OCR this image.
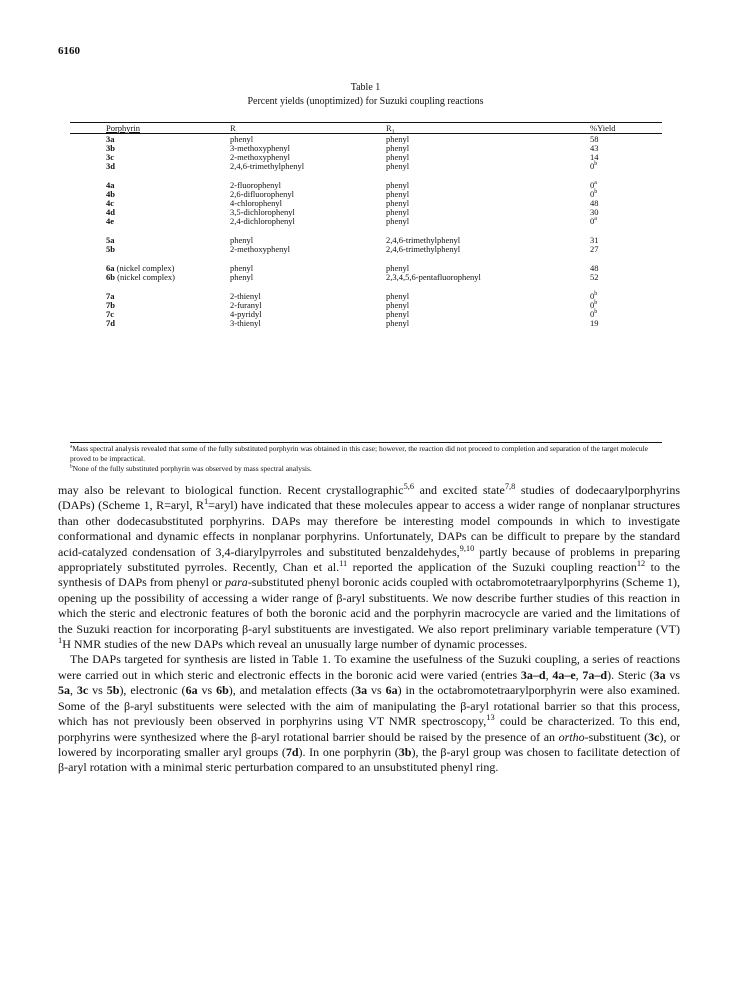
6160
Table 1
Percent yields (unoptimized) for Suzuki coupling reactions
Porphyrin	R	$R_1$	%Yield
3a	phenyl	phenyl	58
3b	3-methoxyphenyl	phenyl	43
3c	2-methoxyphenyl	phenyl	14
3d	2,4,6-trimethylphenyl	phenyl	0$^b$
4a	2-fluorophenyl	phenyl	0$^a$
4b	2,6-difluorophenyl	phenyl	0$^b$
4c	4-chlorophenyl	phenyl	48
4d	3,5-dichlorophenyl	phenyl	30
4e	2,4-dichlorophenyl	phenyl	0$^a$
5a	phenyl	2,4,6-trimethylphenyl	31
5b	2-methoxyphenyl	2,4,6-trimethylphenyl	27
6a (nickel complex)	phenyl	phenyl	48
6b (nickel complex)	phenyl	2,3,4,5,6-pentafluorophenyl	52
7a	2-thienyl	phenyl	0$^b$
7b	2-furanyl	phenyl	0$^b$
7c	4-pyridyl	phenyl	0$^b$
7d	3-thienyl	phenyl	19

$^a$Mass spectral analysis revealed that some of the fully substituted porphyrin was obtained in this case; however, the reaction did not proceed to completion and separation of the target molecule proved to be impractical.

$^b$None of the fully substituted porphyrin was observed by mass spectral analysis.

may also be relevant to biological function. Recent crystallographic$^{5,6}$ and excited state$^{7,8}$ studies of dodecaarylporphyrins (DAPs) (Scheme 1, R=aryl, $R^1=aryl$) have indicated that these molecules appear to access a wider range of nonplanar structures than other dodecasubstituted porphyrins. DAPs may therefore be interesting model compounds in which to investigate conformational and dynamic effects in nonplanar porphyrins. Unfortunately, DAPs can be difficult to prepare by the standard acid-catalyzed condensation of 3,4-diarylpyrroles and substituted benzaldehydes,$^{9,10}$ partly because of problems in preparing appropriately substituted pyrroles. Recently, Chan et al.$^{11}$ reported the application of the Suzuki coupling reaction$^{12}$ to the synthesis of DAPs from phenyl or para-substituted phenyl boronic acids coupled with octabromotetraarylporphyrins (Scheme 1), opening up the possibility of accessing a wider range of β-aryl substituents. We now describe further studies of this reaction in which the steric and electronic features of both the boronic acid and the porphyrin macrocycle are varied and the limitations of the Suzuki reaction for incorporating β-aryl substituents are investigated. We also report preliminary variable temperature (VT) $^1$H NMR studies of the new DAPs which reveal an unusually large number of dynamic processes.

The DAPs targeted for synthesis are listed in Table 1. To examine the usefulness of the Suzuki coupling, a series of reactions were carried out in which steric and electronic effects in the boronic acid were varied (entries 3a–d, 4a–e, 7a–d). Steric (3a vs 5a, 3c vs 5b), electronic (6a vs 6b), and metalation effects (3a vs 6a) in the octabromotetraarylporphyrin were also examined. Some of the β-aryl substituents were selected with the aim of manipulating the β-aryl rotational barrier so that this process, which has not previously been observed in porphyrins using VT NMR spectroscopy,$^{13}$ could be characterized. To this end, porphyrins were synthesized where the β-aryl rotational barrier should be raised by the presence of an ortho-substituent (3c), or lowered by incorporating smaller aryl groups (7d). In one porphyrin (3b), the β-aryl group was chosen to facilitate detection of β-aryl rotation with a minimal steric perturbation compared to an unsubstituted phenyl ring.
